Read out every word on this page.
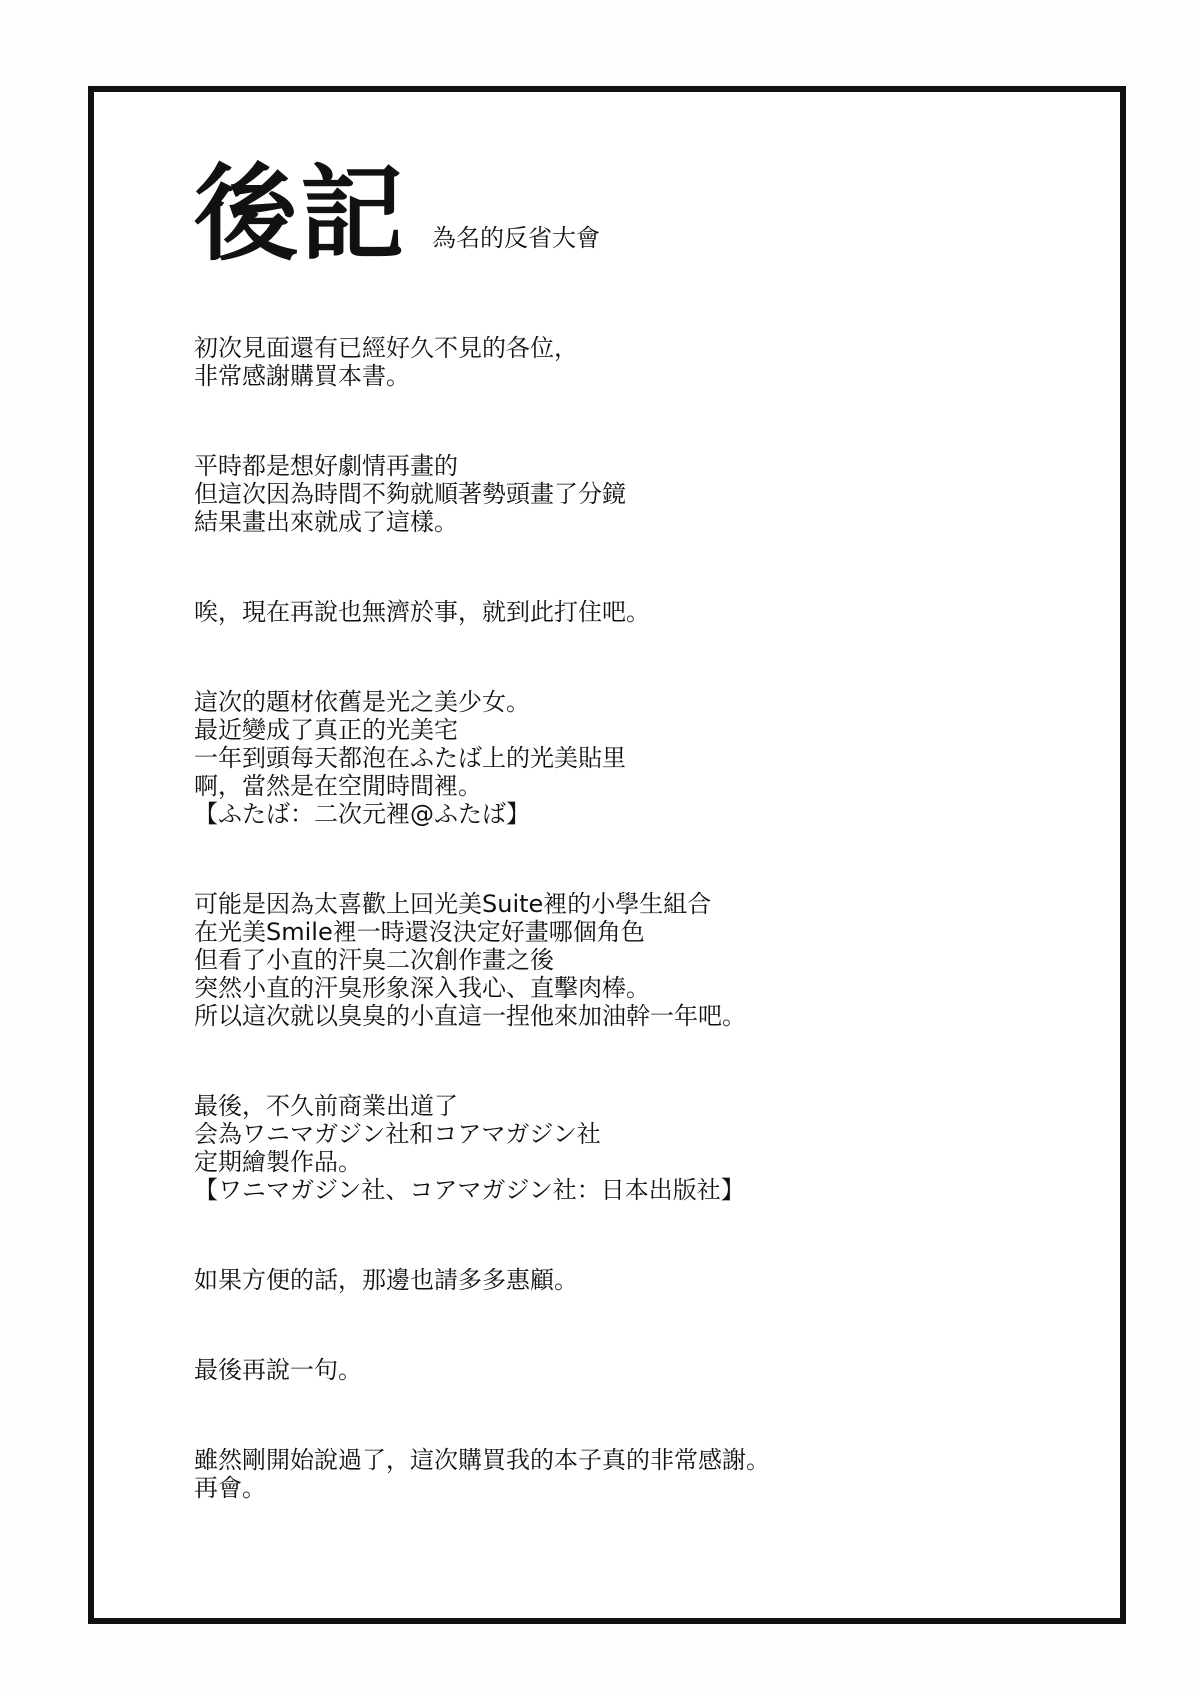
後記 為名的反省大會
初次見面還有已經好久不見的各位，
非常感謝購買本書。
平時都是想好劇情再畫的
但這次因為時間不夠就順著勢頭畫了分鏡
結果畫出來就成了這樣。
唉，現在再說也無濟於事，就到此打住吧。
這次的題材依舊是光之美少女。
最近變成了真正的光美宅
一年到頭每天都泡在ふたば上的光美貼里
啊，當然是在空閒時間裡。
【ふたば：二次元裡@ふたば】
可能是因為太喜歡上回光美Suite裡的小學生組合
在光美Smile裡一時還沒決定好畫哪個角色
但看了小直的汗臭二次創作畫之後
突然小直的汗臭形象深入我心、直擊肉棒。
所以這次就以臭臭的小直這一捏他來加油幹一年吧。
最後，不久前商業出道了
会為ワニマガジン社和コアマガジン社
定期繪製作品。
【ワニマガジン社、コアマガジン社：日本出版社】
如果方便的話，那邊也請多多惠顧。
最後再說一句。
雖然剛開始說過了，這次購買我的本子真的非常感謝。
再會。
